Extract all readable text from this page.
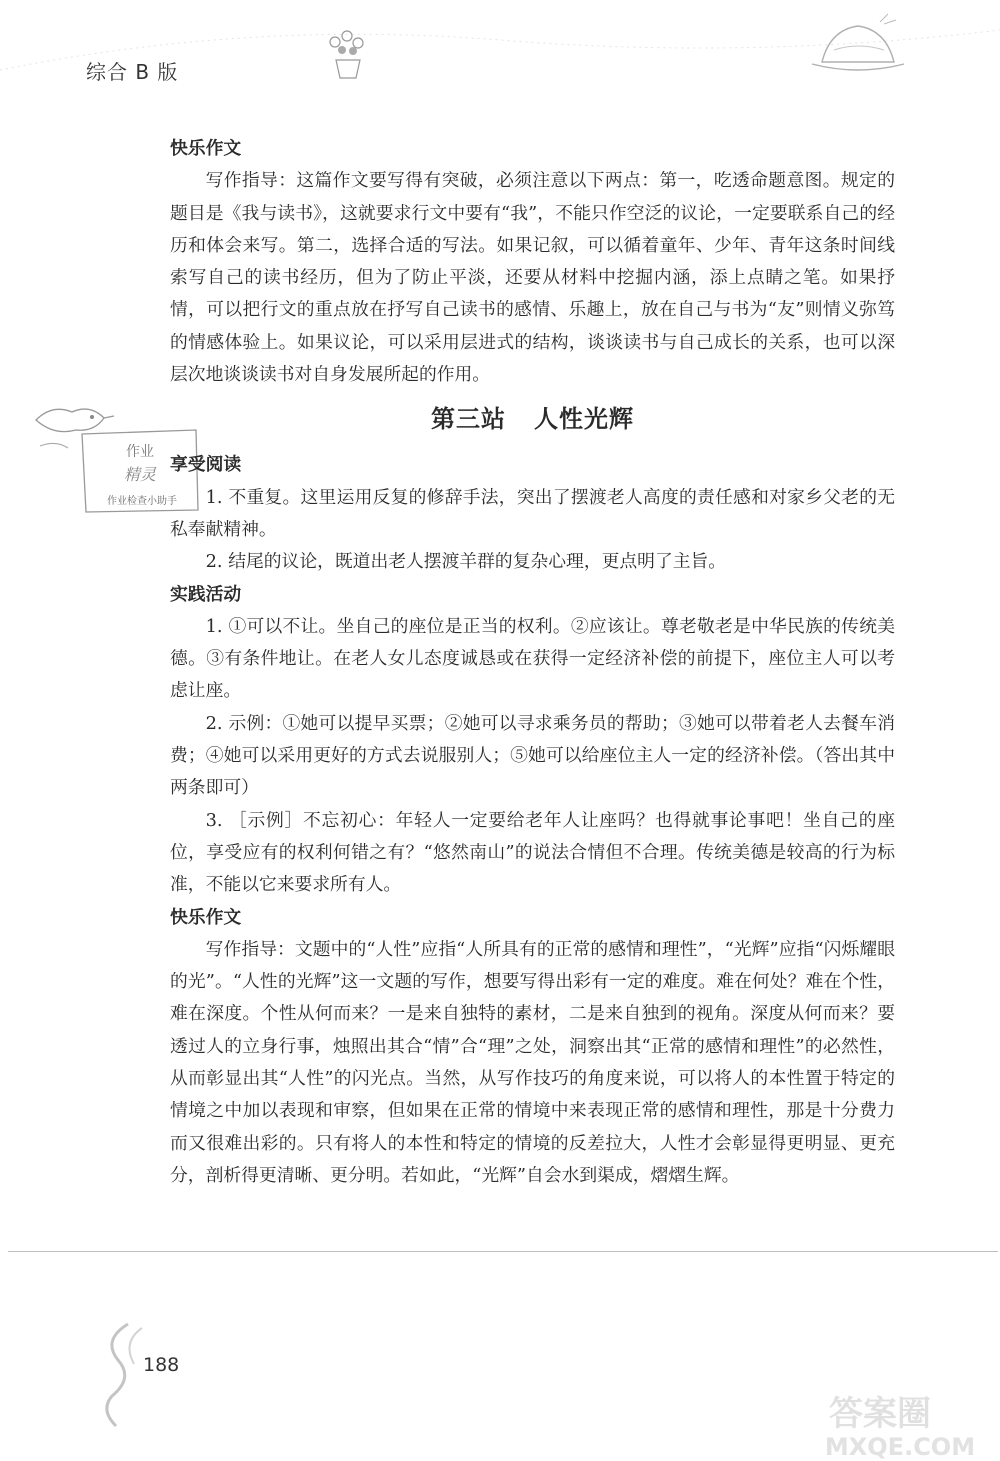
综合 B 版
作业
精灵
作业检查小助手

快乐作文

写作指导：这篇作文要写得有突破，必须注意以下两点：第一，吃透命题意图。规定的题目是《我与读书》，这就要求行文中要有“我”，不能只作空泛的议论，一定要联系自己的经历和体会来写。第二，选择合适的写法。如果记叙，可以循着童年、少年、青年这条时间线索写自己的读书经历，但为了防止平淡，还要从材料中挖掘内涵，添上点睛之笔。如果抒情，可以把行文的重点放在抒写自己读书的感情、乐趣上，放在自己与书为“友”则情义弥笃的情感体验上。如果议论，可以采用层进式的结构，谈谈读书与自己成长的关系，也可以深层次地谈谈读书对自身发展所起的作用。

第三站 人性光辉

享受阅读

1. 不重复。这里运用反复的修辞手法，突出了摆渡老人高度的责任感和对家乡父老的无私奉献精神。

2. 结尾的议论，既道出老人摆渡羊群的复杂心理，更点明了主旨。

实践活动

1. ①可以不让。坐自己的座位是正当的权利。②应该让。尊老敬老是中华民族的传统美德。③有条件地让。在老人女儿态度诚恳或在获得一定经济补偿的前提下，座位主人可以考虑让座。

2. 示例：①她可以提早买票；②她可以寻求乘务员的帮助；③她可以带着老人去餐车消费；④她可以采用更好的方式去说服别人；⑤她可以给座位主人一定的经济补偿。（答出其中两条即可）

3. ［示例］不忘初心：年轻人一定要给老年人让座吗？也得就事论事吧！坐自己的座位，享受应有的权利何错之有？“悠然南山”的说法合情但不合理。传统美德是较高的行为标准，不能以它来要求所有人。

快乐作文

写作指导：文题中的“人性”应指“人所具有的正常的感情和理性”，“光辉”应指“闪烁耀眼的光”。“人性的光辉”这一文题的写作，想要写得出彩有一定的难度。难在何处？难在个性，难在深度。个性从何而来？一是来自独特的素材，二是来自独到的视角。深度从何而来？要透过人的立身行事，烛照出其合“情”合“理”之处，洞察出其“正常的感情和理性”的必然性，从而彰显出其“人性”的闪光点。当然，从写作技巧的角度来说，可以将人的本性置于特定的情境之中加以表现和审察，但如果在正常的情境中来表现正常的感情和理性，那是十分费力而又很难出彩的。只有将人的本性和特定的情境的反差拉大，人性才会彰显得更明显、更充分，剖析得更清晰、更分明。若如此，“光辉”自会水到渠成，熠熠生辉。

188
答案圈
MXQE.COM
